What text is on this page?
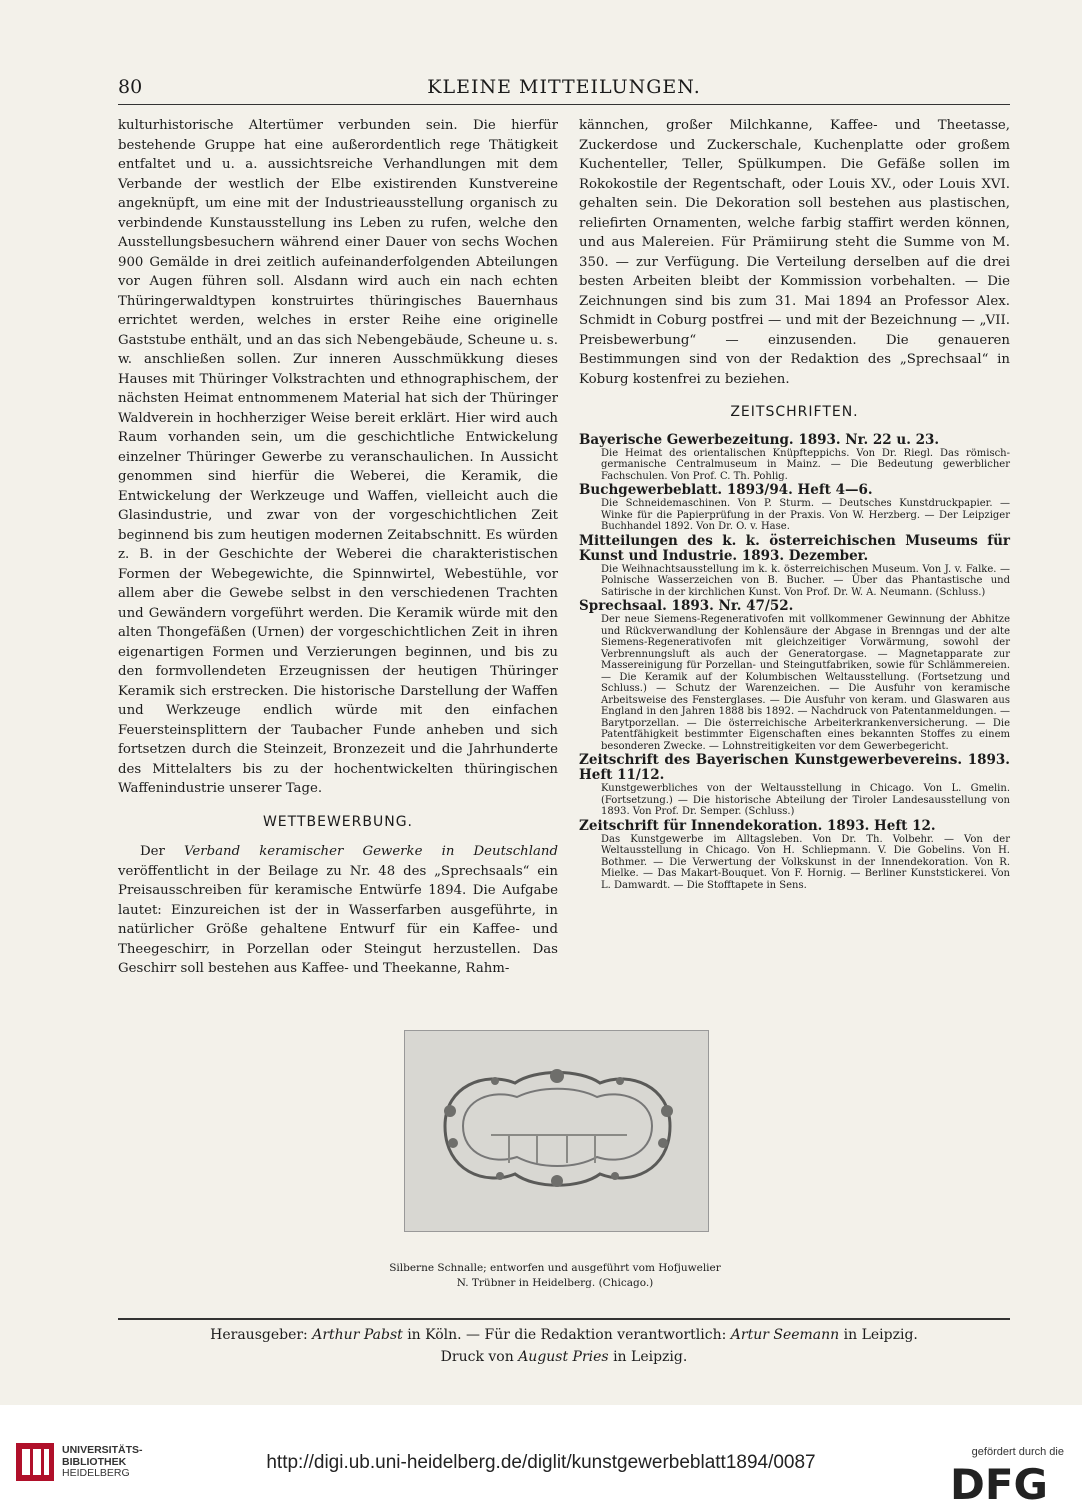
80	KLEINE MITTEILUNGEN.

kulturhistorische Altertümer verbunden sein. Die hierfür bestehende Gruppe hat eine außerordentlich rege Thätigkeit entfaltet und u. a. aussichtsreiche Verhandlungen mit dem Verbande der westlich der Elbe existirenden Kunstvereine angeknüpft, um eine mit der Industrieausstellung organisch zu verbindende Kunstausstellung ins Leben zu rufen, welche den Ausstellungsbesuchern während einer Dauer von sechs Wochen 900 Gemälde in drei zeitlich aufeinanderfolgenden Abteilungen vor Augen führen soll. Alsdann wird auch ein nach echten Thüringerwaldtypen konstruirtes thüringisches Bauernhaus errichtet werden, welches in erster Reihe eine originelle Gaststube enthält, und an das sich Nebengebäude, Scheune u. s. w. anschließen sollen. Zur inneren Ausschmükkung dieses Hauses mit Thüringer Volkstrachten und ethnographischem, der nächsten Heimat entnommenem Material hat sich der Thüringer Waldverein in hochherziger Weise bereit erklärt. Hier wird auch Raum vorhanden sein, um die geschichtliche Entwickelung einzelner Thüringer Gewerbe zu veranschaulichen. In Aussicht genommen sind hierfür die Weberei, die Keramik, die Entwickelung der Werkzeuge und Waffen, vielleicht auch die Glasindustrie, und zwar von der vorgeschichtlichen Zeit beginnend bis zum heutigen modernen Zeitabschnitt. Es würden z. B. in der Geschichte der Weberei die charakteristischen Formen der Webegewichte, die Spinnwirtel, Webestühle, vor allem aber die Gewebe selbst in den verschiedenen Trachten und Gewändern vorgeführt werden. Die Keramik würde mit den alten Thongefäßen (Urnen) der vorgeschichtlichen Zeit in ihren eigenartigen Formen und Verzierungen beginnen, und bis zu den formvollendeten Erzeugnissen der heutigen Thüringer Keramik sich erstrecken. Die historische Darstellung der Waffen und Werkzeuge endlich würde mit den einfachen Feuersteinsplittern der Taubacher Funde anheben und sich fortsetzen durch die Steinzeit, Bronzezeit und die Jahrhunderte des Mittelalters bis zu der hochentwickelten thüringischen Waffenindustrie unserer Tage.

WETTBEWERBUNG.

Der Verband keramischer Gewerke in Deutschland veröffentlicht in der Beilage zu Nr. 48 des „Sprechsaals“ ein Preisausschreiben für keramische Entwürfe 1894. Die Aufgabe lautet: Einzureichen ist der in Wasserfarben ausgeführte, in natürlicher Größe gehaltene Entwurf für ein Kaffee- und Theegeschirr, in Porzellan oder Steingut herzustellen. Das Geschirr soll bestehen aus Kaffee- und Theekanne, Rahm-

kännchen, großer Milchkanne, Kaffee- und Theetasse, Zuckerdose und Zuckerschale, Kuchenplatte oder großem Kuchenteller, Teller, Spülkumpen. Die Gefäße sollen im Rokokostile der Regentschaft, oder Louis XV., oder Louis XVI. gehalten sein. Die Dekoration soll bestehen aus plastischen, reliefirten Ornamenten, welche farbig staffirt werden können, und aus Malereien. Für Prämiirung steht die Summe von M. 350. — zur Verfügung. Die Verteilung derselben auf die drei besten Arbeiten bleibt der Kommission vorbehalten. — Die Zeichnungen sind bis zum 31. Mai 1894 an Professor Alex. Schmidt in Coburg postfrei — und mit der Bezeichnung — „VII. Preisbewerbung“ — einzusenden. Die genaueren Bestimmungen sind von der Redaktion des „Sprechsaal“ in Koburg kostenfrei zu beziehen.

ZEITSCHRIFTEN.
Bayerische Gewerbezeitung. 1893. Nr. 22 u. 23.
Die Heimat des orientalischen Knüpfteppichs. Von Dr. Riegl. Das römisch-germanische Centralmuseum in Mainz. — Die Bedeutung gewerblicher Fachschulen. Von Prof. C. Th. Pohlig.
Buchgewerbeblatt. 1893/94. Heft 4—6.
Die Schneidemaschinen. Von P. Sturm. — Deutsches Kunstdruckpapier. — Winke für die Papierprüfung in der Praxis. Von W. Herzberg. — Der Leipziger Buchhandel 1892. Von Dr. O. v. Hase.
Mitteilungen des k. k. österreichischen Museums für Kunst und Industrie. 1893. Dezember.
Die Weihnachtsausstellung im k. k. österreichischen Museum. Von J. v. Falke. — Polnische Wasserzeichen von B. Bucher. — Über das Phantastische und Satirische in der kirchlichen Kunst. Von Prof. Dr. W. A. Neumann. (Schluss.)
Sprechsaal. 1893. Nr. 47/52.
Der neue Siemens-Regenerativofen mit vollkommener Gewinnung der Abhitze und Rückverwandlung der Kohlensäure der Abgase in Brenngas und der alte Siemens-Regenerativofen mit gleichzeitiger Vorwärmung, sowohl der Verbrennungsluft als auch der Generatorgase. — Magnetapparate zur Massereinigung für Porzellan- und Steingutfabriken, sowie für Schlämmereien. — Die Keramik auf der Kolumbischen Weltausstellung. (Fortsetzung und Schluss.) — Schutz der Warenzeichen. — Die Ausfuhr von keramische Arbeitsweise des Fensterglases. — Die Ausfuhr von keram. und Glaswaren aus England in den Jahren 1888 bis 1892. — Nachdruck von Patentanmeldungen. — Barytporzellan. — Die österreichische Arbeiterkrankenversicherung. — Die Patentfähigkeit bestimmter Eigenschaften eines bekannten Stoffes zu einem besonderen Zwecke. — Lohnstreitigkeiten vor dem Gewerbegericht.
Zeitschrift des Bayerischen Kunstgewerbevereins. 1893. Heft 11/12.
Kunstgewerbliches von der Weltausstellung in Chicago. Von L. Gmelin. (Fortsetzung.) — Die historische Abteilung der Tiroler Landesausstellung von 1893. Von Prof. Dr. Semper. (Schluss.)
Zeitschrift für Innendekoration. 1893. Heft 12.
Das Kunstgewerbe im Alltagsleben. Von Dr. Th. Volbehr. — Von der Weltausstellung in Chicago. Von H. Schliepmann. V. Die Gobelins. Von H. Bothmer. — Die Verwertung der Volkskunst in der Innendekoration. Von R. Mielke. — Das Makart-Bouquet. Von F. Hornig. — Berliner Kunststickerei. Von L. Damwardt. — Die Stofftapete in Sens.
Silberne Schnalle; entworfen und ausgeführt vom Hofjuwelier
N. Trübner in Heidelberg. (Chicago.)
Herausgeber: Arthur Pabst in Köln. — Für die Redaktion verantwortlich: Artur Seemann in Leipzig.
Druck von August Pries in Leipzig.
UNIVERSITÄTS-
BIBLIOTHEK
HEIDELBERG	http://digi.ub.uni-heidelberg.de/diglit/kunstgewerbeblatt1894/0087	gefördert durch die
DFG
